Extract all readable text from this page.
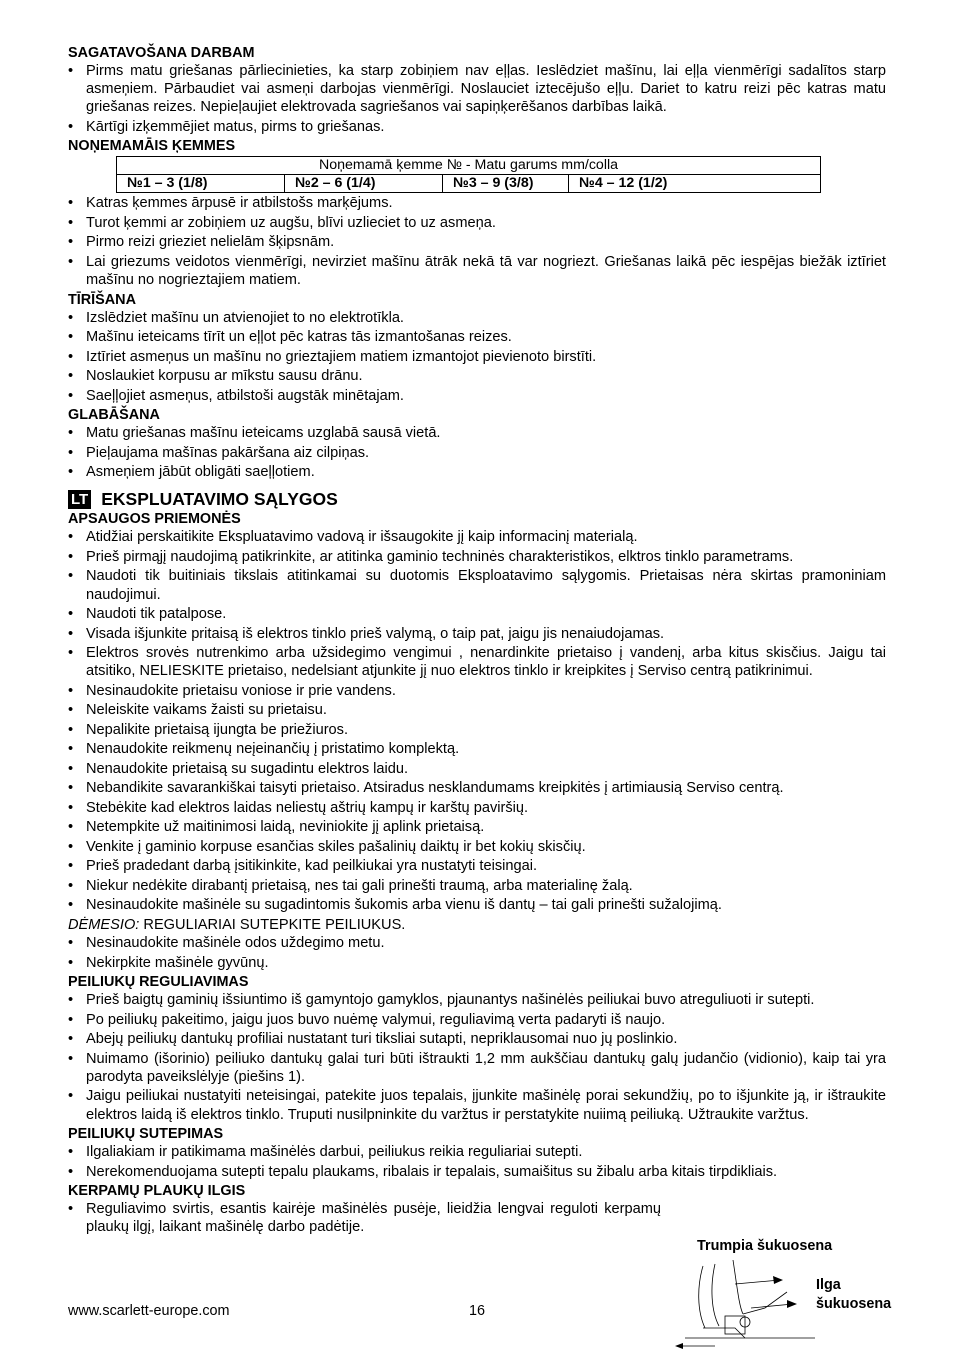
SAGATAVOŠANA DARBAM
• Pirms matu griešanas pārliecinieties, ka starp zobiņiem nav eļļas. Ieslēdziet mašīnu, lai eļļa vienmērīgi sadalītos starp asmeņiem. Pārbaudiet vai asmeņi darbojas vienmērīgi. Noslauciet iztecējušo eļļu. Dariet to katru reizi pēc katras matu griešanas reizes. Nepieļaujiet elektrovada sagriešanos vai sapiņķerēšanos darbības laikā.
• Kārtīgi izķemmējiet matus, pirms to griešanas.
NOŅEMAMĀIS ĶEMMES
Noņemamā ķemme № - Matu garums mm/colla
№1 – 3 (1/8)	№2 – 6 (1/4)	№3 – 9 (3/8)	№4 – 12 (1/2)
• Katras ķemmes ārpusē ir atbilstošs marķējums.
• Turot ķemmi ar zobiņiem uz augšu, blīvi uzlieciet to uz asmeņa.
• Pirmo reizi grieziet nelielām šķipsnām.
• Lai griezums veidotos vienmērīgi, nevirziet mašīnu ātrāk nekā tā var nogriezt. Griešanas laikā pēc iespējas biežāk iztīriet mašīnu no nogrieztajiem matiem.
TĪRĪŠANA
• Izslēdziet mašīnu un atvienojiet to no elektrotīkla.
• Mašīnu ieteicams tīrīt un eļļot pēc katras tās izmantošanas reizes.
• Iztīriet asmeņus un mašīnu no grieztajiem matiem izmantojot pievienoto birstīti.
• Noslaukiet korpusu ar mīkstu sausu drānu.
• Saeļļojiet asmeņus, atbilstoši augstāk minētajam.
GLABĀŠANA
• Matu griešanas mašīnu ieteicams uzglabā sausā vietā.
• Pieļaujama mašīnas pakāršana aiz cilpiņas.
• Asmeņiem jābūt obligāti saeļļotiem.
LT EKSPLUATAVIMO SĄLYGOS
APSAUGOS PRIEMONĖS
• Atidžiai perskaitikite Ekspluatavimo vadovą ir išsaugokite jį kaip informacinį materialą.
• Prieš pirmąjį naudojimą patikrinkite, ar atitinka gaminio techninės charakteristikos, elktros tinklo parametrams.
• Naudoti tik buitiniais tikslais atitinkamai su duotomis Eksploatavimo sąlygomis. Prietaisas nėra skirtas pramoniniam naudojimui.
• Naudoti tik patalpose.
• Visada išjunkite pritaisą iš elektros tinklo prieš valymą, o taip pat, jaigu jis nenaiudojamas.
• Elektros srovės nutrenkimo arba užsidegimo vengimui , nenardinkite prietaiso į vandenį, arba kitus skisčius. Jaigu tai atsitiko, NELIESKITE prietaiso, nedelsiant atjunkite jį nuo elektros tinklo ir kreipkites į Serviso centrą patikrinimui.
• Nesinaudokite prietaisu voniose ir prie vandens.
• Neleiskite vaikams žaisti su prietaisu.
• Nepalikite prietaisą ijungta be priežiuros.
• Nenaudokite reikmenų neįeinančių į pristatimo komplektą.
• Nenaudokite prietaisą su sugadintu elektros laidu.
• Nebandikite savarankiškai taisyti prietaiso. Atsiradus nesklandumams kreipkitės į artimiausią Serviso centrą.
• Stebėkite kad elektros laidas neliestų aštrių kampų ir karštų paviršių.
• Netempkite už maitinimosi laidą, neviniokite jį aplink prietaisą.
• Venkite į gaminio korpuse esančias skiles pašalinių daiktų ir bet kokių skisčių.
• Prieš pradedant darbą įsitikinkite, kad peilkiukai yra nustatyti teisingai.
• Niekur nedėkite dirabantį prietaisą, nes tai gali prinešti traumą, arba materialinę žalą.
• Nesinaudokite mašinėle su sugadintomis šukomis arba vienu iš dantų – tai gali prinešti sužalojimą.

DĖMESIO: REGULIARIAI SUTEPKITE PEILIUKUS.

• Nesinaudokite mašinėle odos uždegimo metu.
• Nekirpkite mašinėle gyvūnų.
PEILIUKŲ REGULIAVIMAS
• Prieš baigtų gaminių išsiuntimo iš gamyntojo gamyklos, pjaunantys našinėlės peiliukai buvo atreguliuoti ir sutepti.
• Po peiliukų pakeitimo, jaigu juos buvo nuėmę valymui, reguliavimą verta padaryti iš naujo.
• Abejų peiliukų dantukų profiliai nustatant turi tiksliai sutapti, nepriklausomai nuo jų poslinkio.
• Nuimamo (išorinio) peiliuko dantukų galai turi būti ištraukti 1,2 mm aukščiau dantukų galų judančio (vidionio), kaip tai yra parodyta paveikslėlyje (piešins 1).
• Jaigu peiliukai nustatyiti neteisingai, patekite juos tepalais, įjunkite mašinėlę porai sekundžių, po to išjunkite ją, ir ištraukite elektros laidą iš elektros tinklo. Truputi nusilpninkite du varžtus ir perstatykite nuiimą peiliuką. Užtraukite varžtus.
PEILIUKŲ SUTEPIMAS
• Ilgaliakiam ir patikimama mašinėlės darbui, peiliukus reikia reguliariai sutepti.
• Nerekomenduojama sutepti tepalu plaukams, ribalais ir tepalais, sumaišitus su žibalu arba kitais tirpdikliais.
KERPAMŲ PLAUKŲ ILGIS
• Reguliavimo svirtis, esantis kairėje mašinėlės pusėje, lieidžia lengvai reguloti kerpamų plaukų ilgį, laikant mašinėlę darbo padėtije.
Trumpia šukuosena
Ilga
šukuosena
www.scarlett-europe.com	16
